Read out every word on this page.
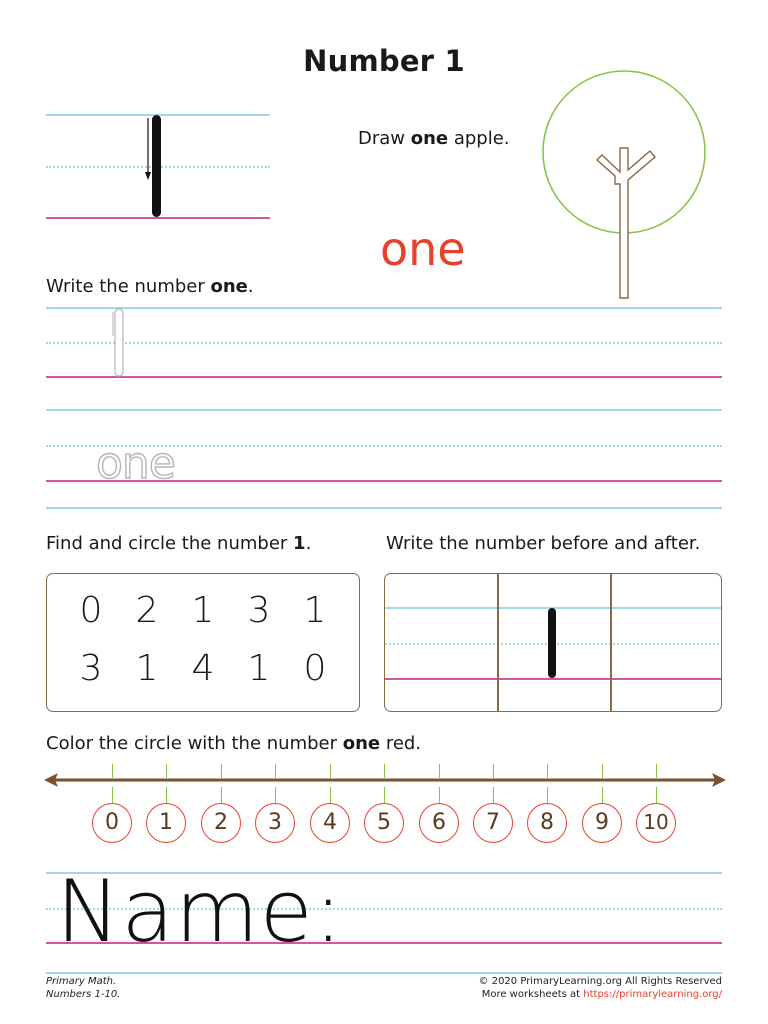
Number 1
Draw one apple.
one
Write the number one.
one
Find and circle the number 1.	Write the number before and after.
0 2 1 3 1
3 1 4 1 0
Color the circle with the number one red.
0	1	2	3	4	5	6	7	8	9	10
Name:
Primary Math.
Numbers 1-10.
© 2020 PrimaryLearning.org All Rights Reserved
More worksheets at https://primarylearning.org/
